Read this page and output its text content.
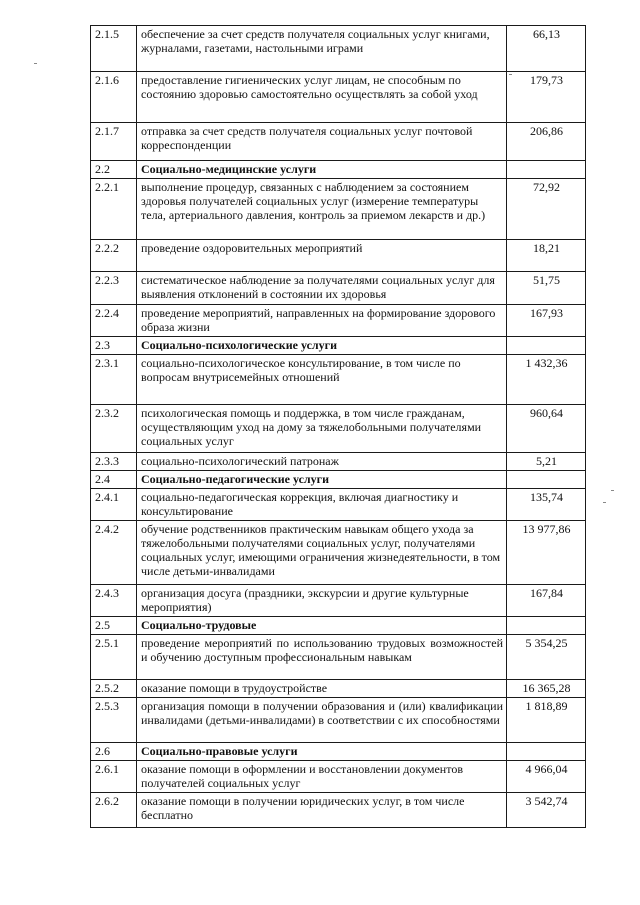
2.1.5	обеспечение за счет средств получателя социальных услуг книгами, журналами, газетами, настольными играми	66,13
2.1.6	предоставление гигиенических услуг лицам, не способным по состоянию здоровью самостоятельно осуществлять за собой уход	179,73
2.1.7	отправка за счет средств получателя социальных услуг почтовой корреспонденции	206,86
2.2	Социально-медицинские услуги	
2.2.1	выполнение процедур, связанных с наблюдением за состоянием здоровья получателей социальных услуг (измерение температуры тела, артериального давления, контроль за приемом лекарств и др.)	72,92
2.2.2	проведение оздоровительных мероприятий	18,21
2.2.3	систематическое наблюдение за получателями социальных услуг для выявления отклонений в состоянии их здоровья	51,75
2.2.4	проведение мероприятий, направленных на формирование здорового образа жизни	167,93
2.3	Социально-психологические услуги	
2.3.1	социально-психологическое консультирование, в том числе по вопросам внутрисемейных отношений	1 432,36
2.3.2	психологическая помощь и поддержка, в том числе гражданам, осуществляющим уход на дому за тяжелобольными получателями социальных услуг	960,64
2.3.3	социально-психологический патронаж	5,21
2.4	Социально-педагогические услуги	
2.4.1	социально-педагогическая коррекция, включая диагностику и консультирование	135,74
2.4.2	обучение родственников практическим навыкам общего ухода за тяжелобольными получателями социальных услуг, получателями социальных услуг, имеющими ограничения жизнедеятельности, в том числе детьми-инвалидами	13 977,86
2.4.3	организация досуга (праздники, экскурсии и другие культурные мероприятия)	167,84
2.5	Социально-трудовые	
2.5.1	проведение мероприятий по использованию трудовых возможностей и обучению доступным профессиональным навыкам	5 354,25
2.5.2	оказание помощи в трудоустройстве	16 365,28
2.5.3	организация помощи в получении образования и (или) квалификации инвалидами (детьми-инвалидами) в соответствии с их способностями	1 818,89
2.6	Социально-правовые услуги	
2.6.1	оказание помощи в оформлении и восстановлении документов получателей социальных услуг	4 966,04
2.6.2	оказание помощи в получении юридических услуг, в том числе бесплатно	3 542,74
